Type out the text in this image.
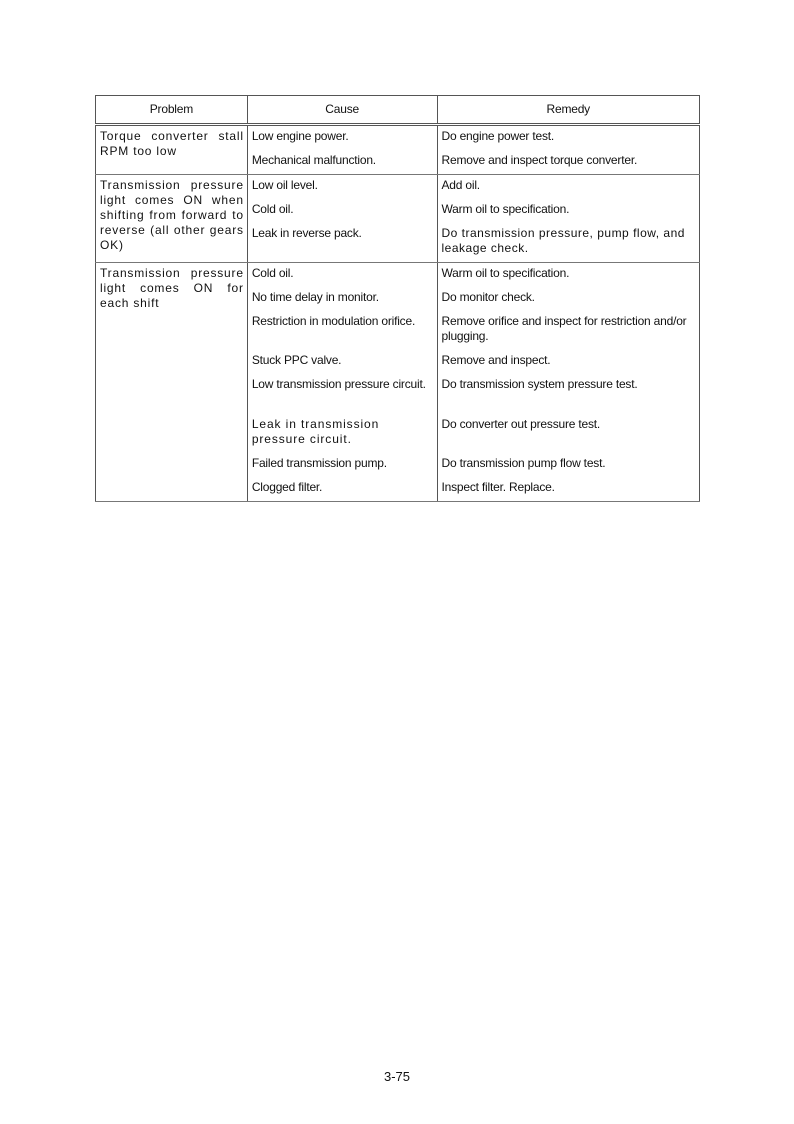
Problem	Cause	Remedy
Torque converter stall RPM too low	Low engine power.	Do engine power test.
	Mechanical malfunction.	Remove and inspect torque converter.
Transmission pressure light comes ON when shifting from forward to reverse (all other gears OK)	Low oil level.	Add oil.
	Cold oil.	Warm oil to specification.
	Leak in reverse pack.	Do transmission pressure, pump flow, and leakage check.
Transmission pressure light comes ON for each shift	Cold oil.	Warm oil to specification.
	No time delay in monitor.	Do monitor check.
	Restriction in modulation orifice.	Remove orifice and inspect for restriction and/or plugging.
	Stuck PPC valve.	Remove and inspect.
	Low transmission pressure circuit.	Do transmission system pressure test.
	Leak in transmission pressure circuit.	Do converter out pressure test.
	Failed transmission pump.	Do transmission pump flow test.
	Clogged filter.	Inspect filter. Replace.
3-75
